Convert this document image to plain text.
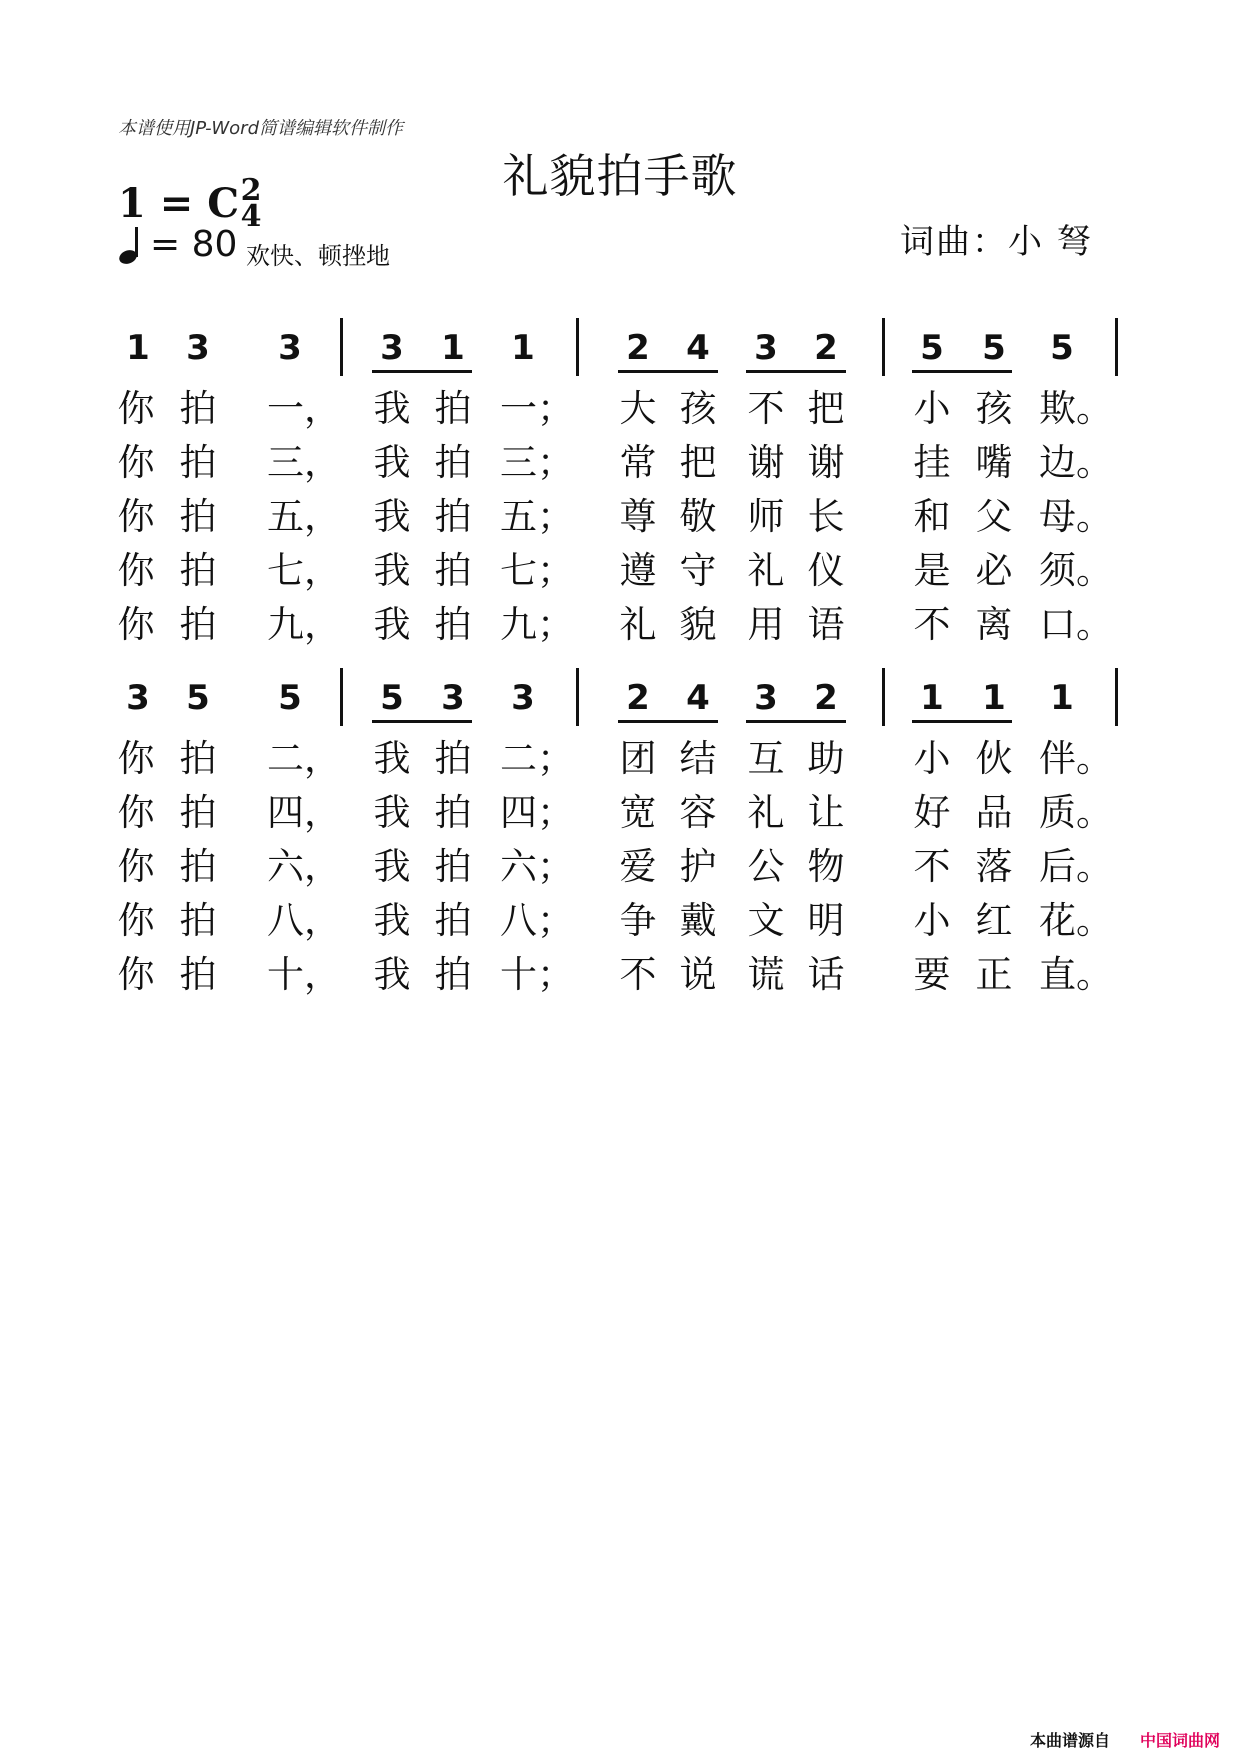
本谱使用JP-Word简谱编辑软件制作
礼貌拍手歌
1 = C 2
4
= 80 欢快、顿挫地	词曲：小 弩
1 3 3 3 1 1	2 4 3 2 5 5 5
你 拍 一， 我 拍 一； 大 孩 不 把 小 孩 欺。
你 拍 三， 我 拍 三； 常 把 谢 谢 挂 嘴 边。
你 拍 五， 我 拍 五； 尊 敬 师 长 和 父 母。
你 拍 七， 我 拍 七； 遵 守 礼 仪 是 必 须。
你 拍 九， 我 拍 九； 礼 貌 用 语 不 离 口。
3 5 5 5 3 3	2 4 3 2 1 1 1
你 拍 二， 我 拍 二； 团 结 互 助 小 伙 伴。
你 拍 四， 我 拍 四； 宽 容 礼 让 好 品 质。
你 拍 六， 我 拍 六； 爱 护 公 物 不 落 后。
你 拍 八， 我 拍 八； 争 戴 文 明 小 红 花。
你 拍 十， 我 拍 十； 不 说 谎 话 要 正 直。
本曲谱源自 中国词曲网
